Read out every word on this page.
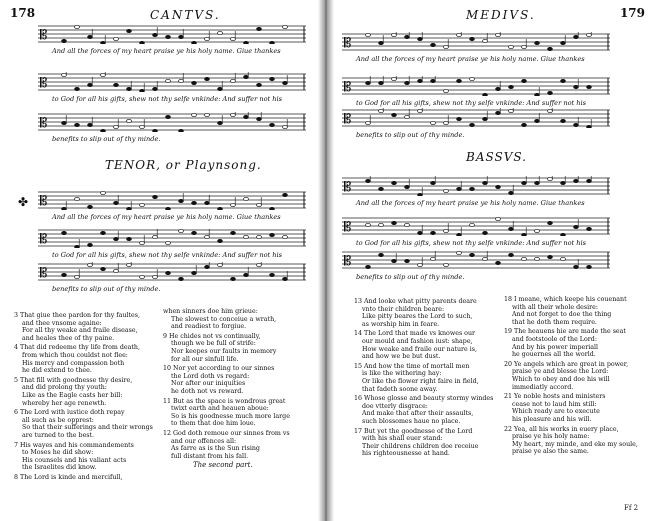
178	CANTVS.
𝄡
And all the forces of my heart praise ye his holy name. Giue thankes
𝄡
to God for all his gifts, shew not thy selfe vnkinde: And suffer not his
𝄡
benefits to slip out of thy minde.
TENOR, or Playnsong.
✤ 𝄡
And all the forces of my heart praise ye his holy name. Giue thankes
𝄡
to God for all his gifts, shew not thy selfe vnkinde: And suffer not his
𝄡
benefits to slip out of thy minde.
3 That giue thee pardon for thy faultes,
and thee vnsome againe:
For all thy weake and fraile disease,
and heales thee of thy paine.
4 That did redeeme thy life from death,
from which thou couldst not flee:
His mercy and compassion both
he did extend to thee.
5 That fill with goodnesse thy desire,
and did prolong thy youth:
Like as the Eagle casts her bill:
whereby her age renewth.
6 The Lord with iustice doth repay
all such as be opprest:
So that their sufferings and their wrongs
are turned to the best.
7 His wayes and his commandements
to Moses he did show:
His counsels and his valiant acts
the Israelites did know.
8 The Lord is kinde and mercifull,
when sinners doe him grieue:
The slowest to conceiue a wrath,
and readiest to forgiue.
9 He chides not vs continually,
though we be full of strife:
Nor keepes our faults in memory
for all our sinfull life.
10 Nor yet according to our sinnes
the Lord doth vs regard:
Nor after our iniquities
he doth not vs reward.
11 But as the space is wondrous great
twixt earth and heauen aboue:
So is his goodnesse much more large
to them that doe him loue.
12 God doth remoue our sinnes from vs
and our offences all:
As farre as is the Sun rising
full distant from his fall.
The second part.
179
MEDIVS.
𝄡
And all the forces of my heart praise ye his holy name. Giue thankes
𝄡
to God for all his gifts, shew not thy selfe vnkinde: And suffer not his
𝄡
benefits to slip out of thy minde.
BASSVS.
𝄡
And all the forces of my heart praise ye his holy name. Giue thankes
𝄡
to God for all his gifts, shew not thy selfe vnkinde: And suffer not his
𝄡
benefits to slip out of thy minde.
13 And looke what pitty parents deare
vnto their children beare:
Like pitty beares the Lord to such,
as worship him in feare.
14 The Lord that made vs knowes our
our mould and fashion iust: shape,
How weake and fraile our nature is,
and how we be but dust.
15 And how the time of mortall men
is like the withering hay:
Or like the flower right faire in field,
that fadeth soone away.
16 Whose glosse and beauty stormy windes
doe vtterly disgrace:
And make that after their assaults,
such blossomes haue no place.
17 But yet the goodnesse of the Lord
with his shall euer stand:
Their childrens children doe receiue
his righteousnesse at hand.
18 I meane, which keepe his couenant
with all their whole desire:
And not forget to doe the thing
that he doth them require.
19 The heauens hie are made the seat
and footstoole of the Lord:
And by his power imperiall
he gouernes all the world.
20 Ye angels which are great in power,
praise ye and blesse the Lord:
Which to obey and doe his will
immediatly accord.
21 Ye noble hosts and ministers
cease not to laud him still:
Which ready are to execute
his pleasure and his will.
22 Yea, all his works in euery place,
praise ye his holy name:
My heart, my minde, and eke my soule,
praise ye also the same.
Ff 2
